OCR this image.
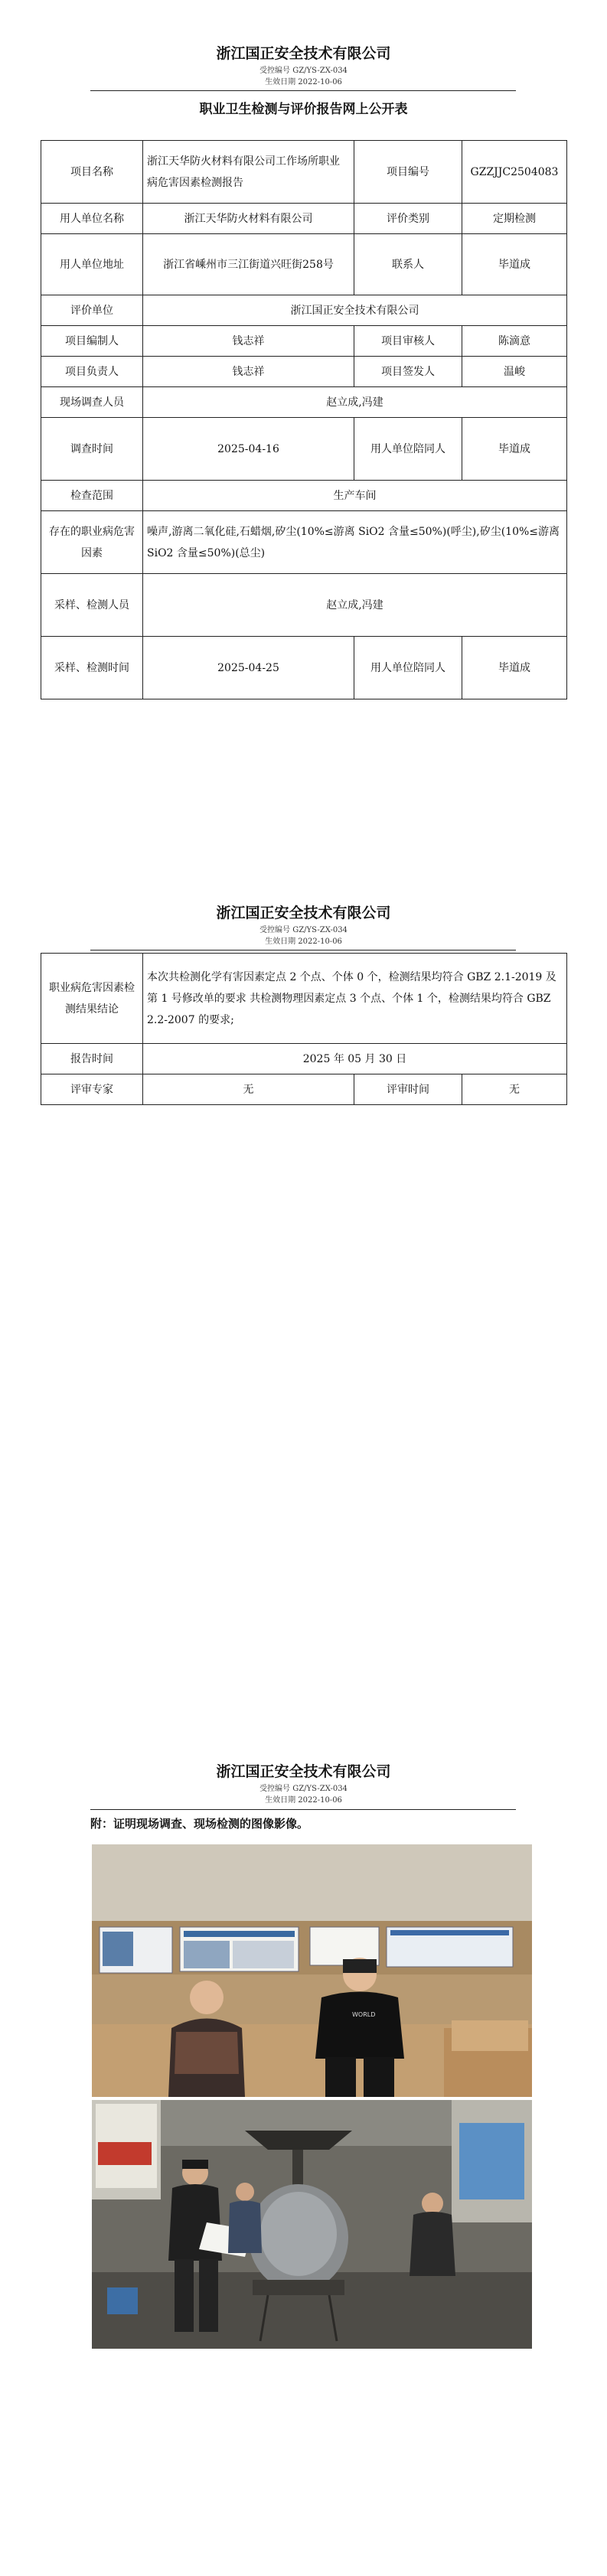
浙江国正安全技术有限公司
受控编号 GZ/YS-ZX-034
生效日期 2022-10-06
职业卫生检测与评价报告网上公开表
项目名称	浙江天华防火材料有限公司工作场所职业病危害因素检测报告	项目编号	GZZJJC2504083
用人单位名称	浙江天华防火材料有限公司	评价类别	定期检测
用人单位地址	浙江省嵊州市三江街道兴旺街258号	联系人	毕道成
评价单位	浙江国正安全技术有限公司		
项目编制人	钱志祥	项目审核人	陈滴意
项目负责人	钱志祥	项目签发人	温峻
现场调查人员	赵立成,冯建		
调查时间	2025-04-16	用人单位陪同人	毕道成
检查范围	生产车间		
存在的职业病危害因素	噪声,游离二氧化硅,石蜡烟,矽尘(10%≤游离 SiO2 含量≤50%)(呼尘),矽尘(10%≤游离 SiO2 含量≤50%)(总尘)		
采样、检测人员	赵立成,冯建		
采样、检测时间	2025-04-25	用人单位陪同人	毕道成
浙江国正安全技术有限公司
受控编号 GZ/YS-ZX-034
生效日期 2022-10-06
职业病危害因素检测结果结论	本次共检测化学有害因素定点 2 个点、个体 0 个，检测结果均符合 GBZ 2.1-2019 及第 1 号修改单的要求 共检测物理因素定点 3 个点、个体 1 个，检测结果均符合 GBZ 2.2-2007 的要求;		
报告时间	2025 年 05 月 30 日		
评审专家	无	评审时间	无
浙江国正安全技术有限公司
受控编号 GZ/YS-ZX-034
生效日期 2022-10-06
附：证明现场调查、现场检测的图像影像。
WORLD
